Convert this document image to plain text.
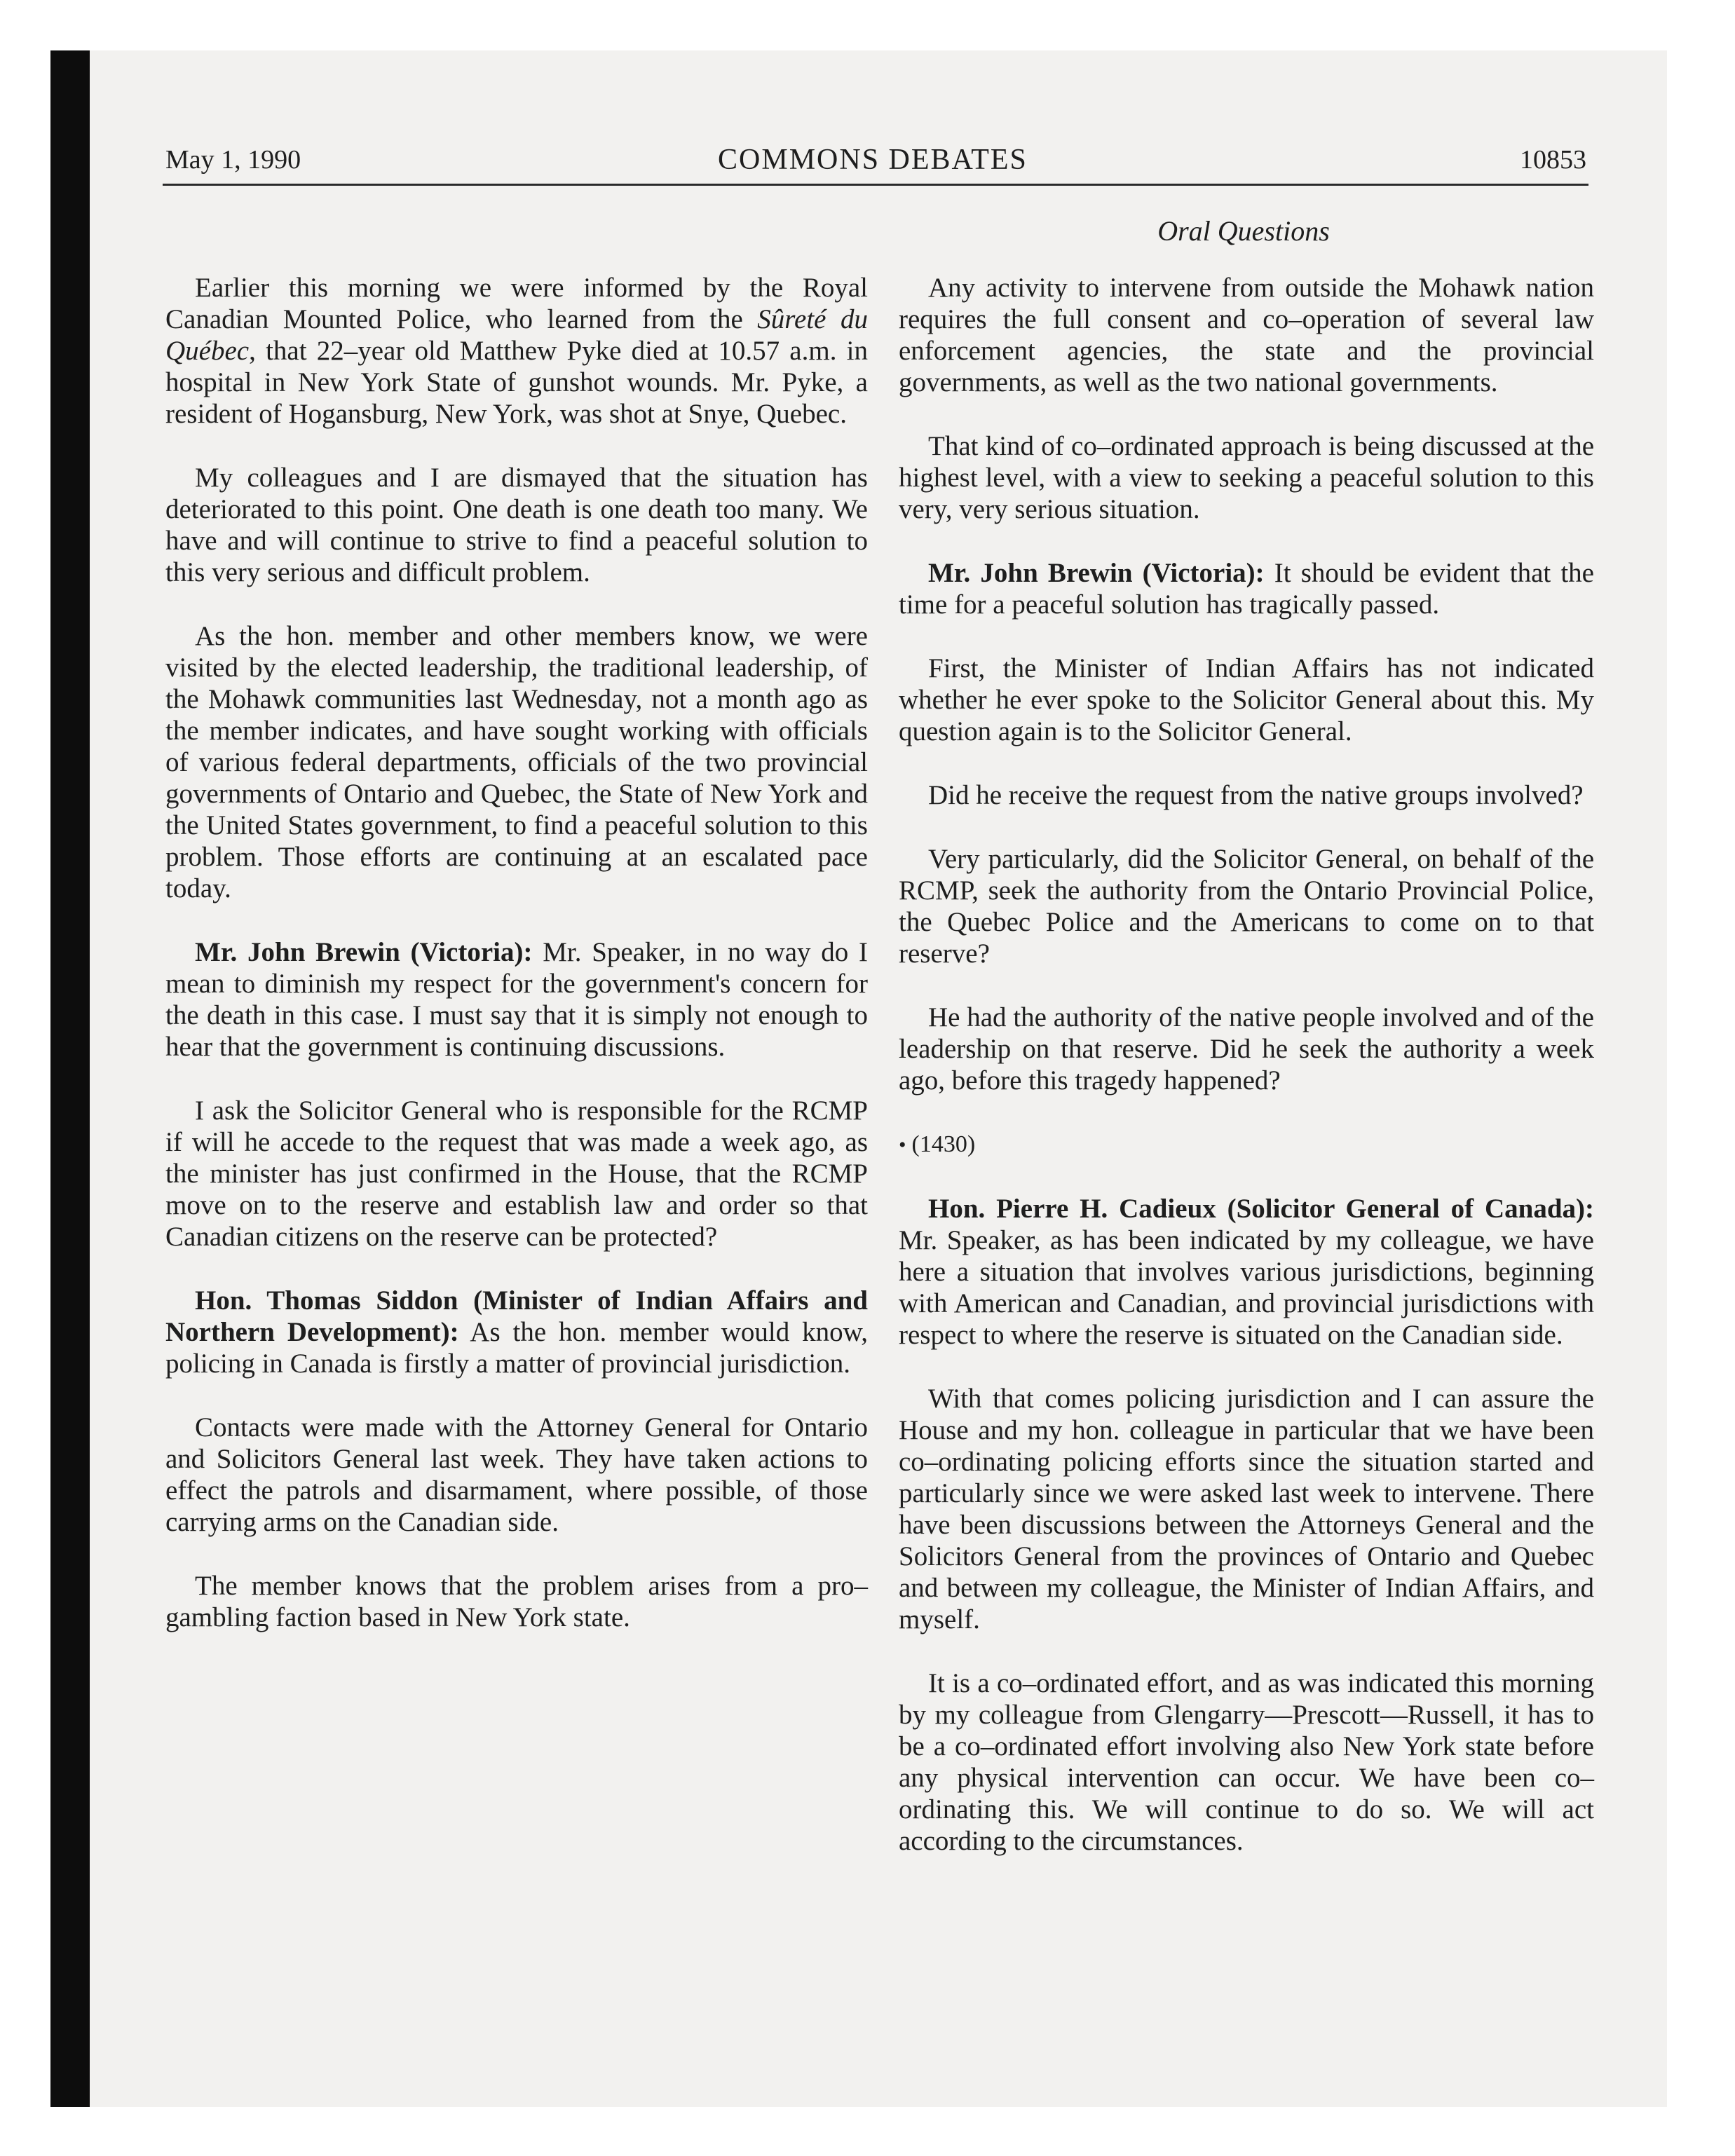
May 1, 1990	COMMONS DEBATES	10853
Oral Questions

Earlier this morning we were informed by the Royal Canadian Mounted Police, who learned from the Sûreté du Québec, that 22–year old Matthew Pyke died at 10.57 a.m. in hospital in New York State of gunshot wounds. Mr. Pyke, a resident of Hogansburg, New York, was shot at Snye, Quebec.

My colleagues and I are dismayed that the situation has deteriorated to this point. One death is one death too many. We have and will continue to strive to find a peaceful solution to this very serious and difficult problem.

As the hon. member and other members know, we were visited by the elected leadership, the traditional leadership, of the Mohawk communities last Wednesday, not a month ago as the member indicates, and have sought working with officials of various federal departments, officials of the two provincial governments of Ontario and Quebec, the State of New York and the United States government, to find a peaceful solution to this problem. Those efforts are continuing at an escalated pace today.

Mr. John Brewin (Victoria): Mr. Speaker, in no way do I mean to diminish my respect for the government's concern for the death in this case. I must say that it is simply not enough to hear that the government is continuing discussions.

I ask the Solicitor General who is responsible for the RCMP if will he accede to the request that was made a week ago, as the minister has just confirmed in the House, that the RCMP move on to the reserve and establish law and order so that Canadian citizens on the reserve can be protected?

Hon. Thomas Siddon (Minister of Indian Affairs and Northern Development): As the hon. member would know, policing in Canada is firstly a matter of provincial jurisdiction.

Contacts were made with the Attorney General for Ontario and Solicitors General last week. They have taken actions to effect the patrols and disarmament, where possible, of those carrying arms on the Canadian side.

The member knows that the problem arises from a pro–gambling faction based in New York state.

Any activity to intervene from outside the Mohawk nation requires the full consent and co–operation of several law enforcement agencies, the state and the provincial governments, as well as the two national governments.

That kind of co–ordinated approach is being discussed at the highest level, with a view to seeking a peaceful solution to this very, very serious situation.

Mr. John Brewin (Victoria): It should be evident that the time for a peaceful solution has tragically passed.

First, the Minister of Indian Affairs has not indicated whether he ever spoke to the Solicitor General about this. My question again is to the Solicitor General.

Did he receive the request from the native groups involved?

Very particularly, did the Solicitor General, on behalf of the RCMP, seek the authority from the Ontario Provincial Police, the Quebec Police and the Americans to come on to that reserve?

He had the authority of the native people involved and of the leadership on that reserve. Did he seek the authority a week ago, before this tragedy happened?

• (1430)

Hon. Pierre H. Cadieux (Solicitor General of Canada): Mr. Speaker, as has been indicated by my colleague, we have here a situation that involves various jurisdictions, beginning with American and Canadian, and provincial jurisdictions with respect to where the reserve is situated on the Canadian side.

With that comes policing jurisdiction and I can assure the House and my hon. colleague in particular that we have been co–ordinating policing efforts since the situation started and particularly since we were asked last week to intervene. There have been discussions between the Attorneys General and the Solicitors General from the provinces of Ontario and Quebec and between my colleague, the Minister of Indian Affairs, and myself.

It is a co–ordinated effort, and as was indicated this morning by my colleague from Glengarry—Prescott—Russell, it has to be a co–ordinated effort involving also New York state before any physical intervention can occur. We have been co–ordinating this. We will continue to do so. We will act according to the circumstances.
